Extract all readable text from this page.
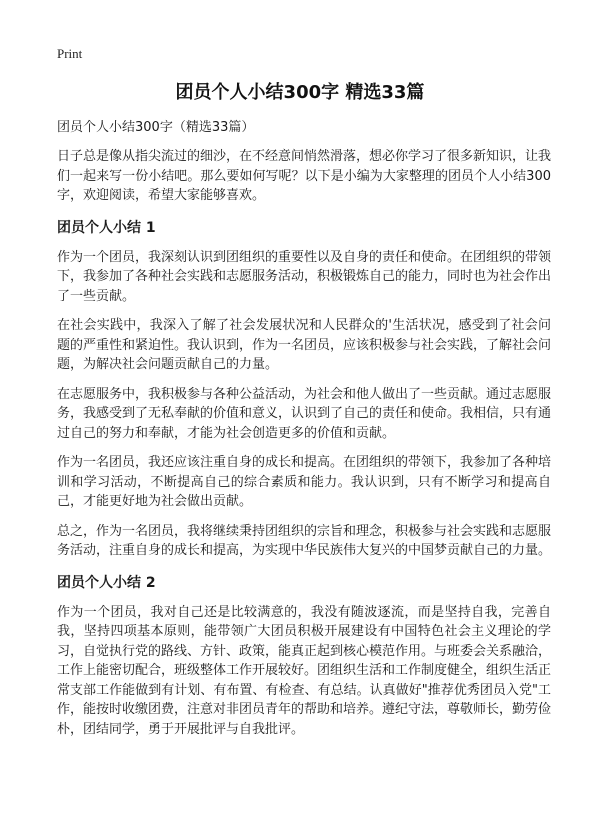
Print
团员个人小结300字 精选33篇

团员个人小结300字（精选33篇）

日子总是像从指尖流过的细沙，在不经意间悄然滑落，想必你学习了很多新知识，让我们一起来写一份小结吧。那么要如何写呢？以下是小编为大家整理的团员个人小结300字，欢迎阅读，希望大家能够喜欢。

团员个人小结 1

作为一个团员，我深刻认识到团组织的重要性以及自身的责任和使命。在团组织的带领下，我参加了各种社会实践和志愿服务活动，积极锻炼自己的能力，同时也为社会作出了一些贡献。

在社会实践中，我深入了解了社会发展状况和人民群众的'生活状况，感受到了社会问题的严重性和紧迫性。我认识到，作为一名团员，应该积极参与社会实践，了解社会问题，为解决社会问题贡献自己的力量。

在志愿服务中，我积极参与各种公益活动，为社会和他人做出了一些贡献。通过志愿服务，我感受到了无私奉献的价值和意义，认识到了自己的责任和使命。我相信，只有通过自己的努力和奉献，才能为社会创造更多的价值和贡献。

作为一名团员，我还应该注重自身的成长和提高。在团组织的带领下，我参加了各种培训和学习活动，不断提高自己的综合素质和能力。我认识到，只有不断学习和提高自己，才能更好地为社会做出贡献。

总之，作为一名团员，我将继续秉持团组织的宗旨和理念，积极参与社会实践和志愿服务活动，注重自身的成长和提高，为实现中华民族伟大复兴的中国梦贡献自己的力量。

团员个人小结 2

作为一个团员，我对自己还是比较满意的，我没有随波逐流，而是坚持自我，完善自我，坚持四项基本原则，能带领广大团员积极开展建设有中国特色社会主义理论的学习，自觉执行党的路线、方针、政策，能真正起到核心模范作用。与班委会关系融洽，工作上能密切配合，班级整体工作开展较好。团组织生活和工作制度健全，组织生活正常支部工作能做到有计划、有布置、有检查、有总结。认真做好"推荐优秀团员入党"工作，能按时收缴团费，注意对非团员青年的帮助和培养。遵纪守法，尊敬师长，勤劳俭朴，团结同学，勇于开展批评与自我批评。
